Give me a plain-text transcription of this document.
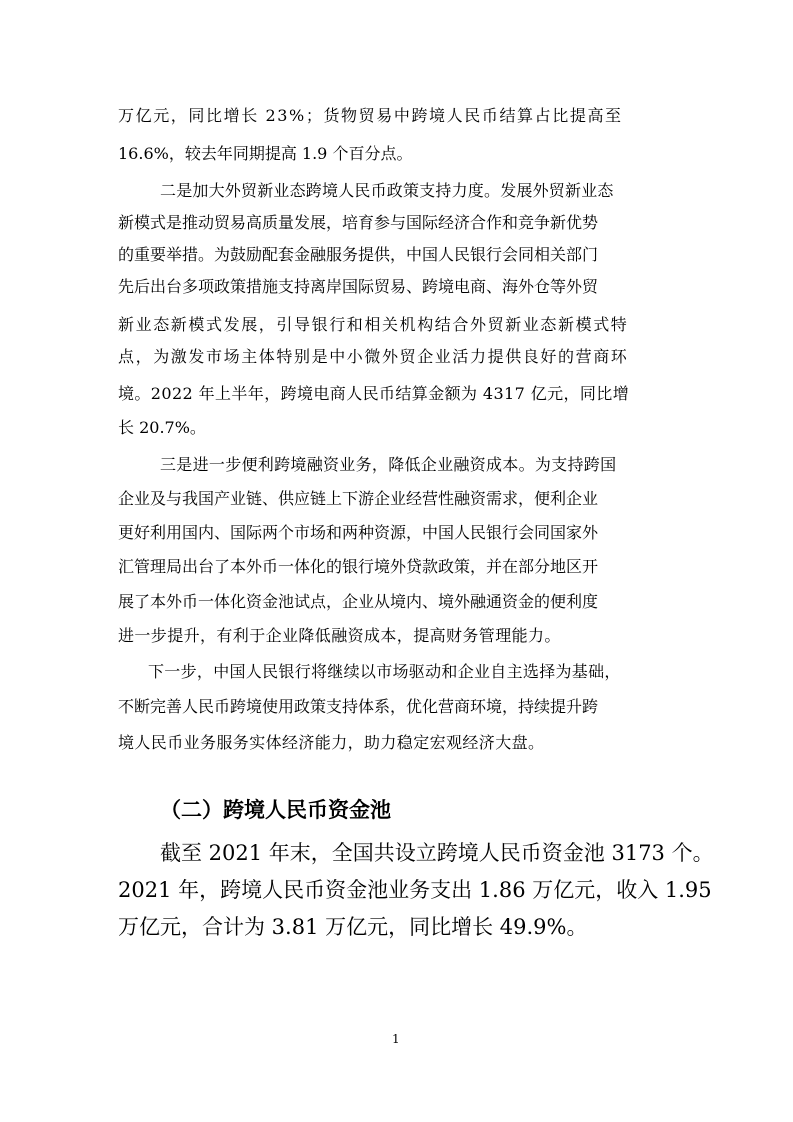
万亿元，同比增长 23%；货物贸易中跨境人民币结算占比提高至
16.6%，较去年同期提高 1.9 个百分点。
二是加大外贸新业态跨境人民币政策支持力度。发展外贸新业态
新模式是推动贸易高质量发展，培育参与国际经济合作和竞争新优势
的重要举措。为鼓励配套金融服务提供，中国人民银行会同相关部门
先后出台多项政策措施支持离岸国际贸易、跨境电商、海外仓等外贸
新业态新模式发展，引导银行和相关机构结合外贸新业态新模式特
点，为激发市场主体特别是中小微外贸企业活力提供良好的营商环
境。2022 年上半年，跨境电商人民币结算金额为 4317 亿元，同比增
长 20.7%。
三是进一步便利跨境融资业务，降低企业融资成本。为支持跨国
企业及与我国产业链、供应链上下游企业经营性融资需求，便利企业
更好利用国内、国际两个市场和两种资源，中国人民银行会同国家外
汇管理局出台了本外币一体化的银行境外贷款政策，并在部分地区开
展了本外币一体化资金池试点，企业从境内、境外融通资金的便利度
进一步提升，有利于企业降低融资成本，提高财务管理能力。
下一步，中国人民银行将继续以市场驱动和企业自主选择为基础，
不断完善人民币跨境使用政策支持体系，优化营商环境，持续提升跨
境人民币业务服务实体经济能力，助力稳定宏观经济大盘。
（二）跨境人民币资金池
截至 2021 年末，全国共设立跨境人民币资金池 3173 个。
2021 年，跨境人民币资金池业务支出 1.86 万亿元，收入 1.95
万亿元，合计为 3.81 万亿元，同比增长 49.9%。
1
